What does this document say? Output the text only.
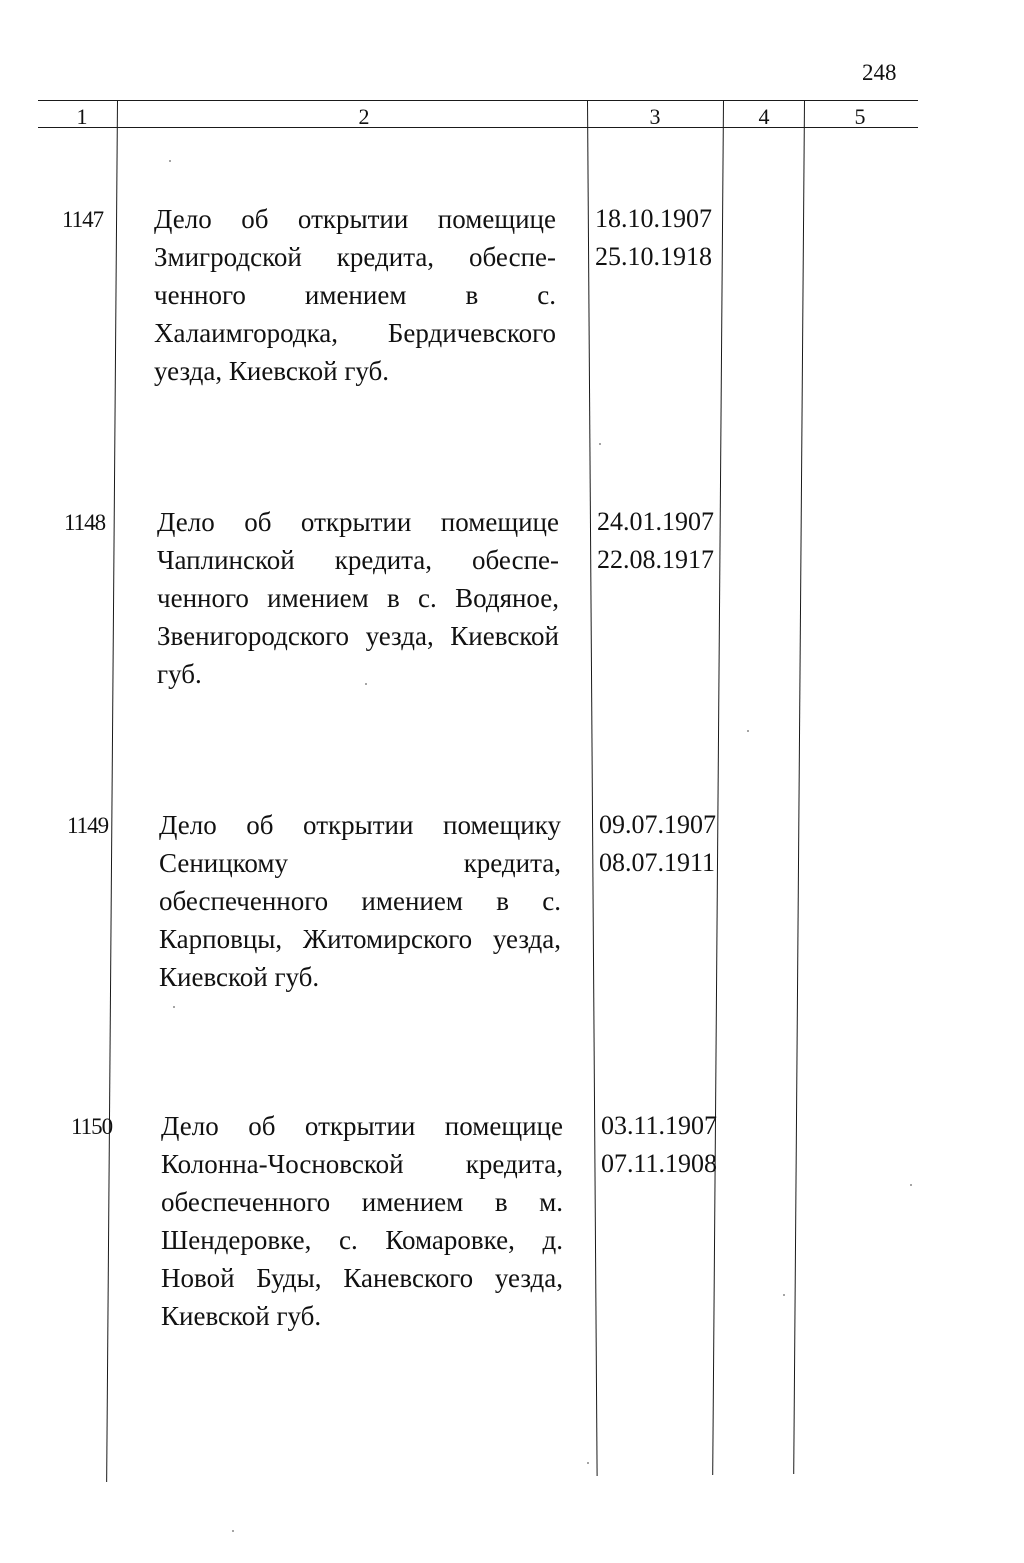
248
1	2	3	4	5
1147 Дело об открытии помещице Змигродской кредита, обеспе-ченного имением в с. Халаимгородка, Бердичевского уезда, Киевской губ.
18.10.1907
25.10.1918
1148 Дело об открытии помещице Чаплинской кредита, обеспе-ченного имением в с. Водяное, Звенигородского уезда, Киевской губ.
24.01.1907
22.08.1917
1149 Дело об открытии помещику Сеницкому кредита, обеспеченного имением в с. Карповцы, Житомирского уезда, Киевской губ.
09.07.1907
08.07.1911
1150 Дело об открытии помещице Колонна-Чосновской кредита, обеспеченного имением в м. Шендеровке, с. Комаровке, д. Новой Буды, Каневского уезда, Киевской губ.
03.11.1907
07.11.1908
